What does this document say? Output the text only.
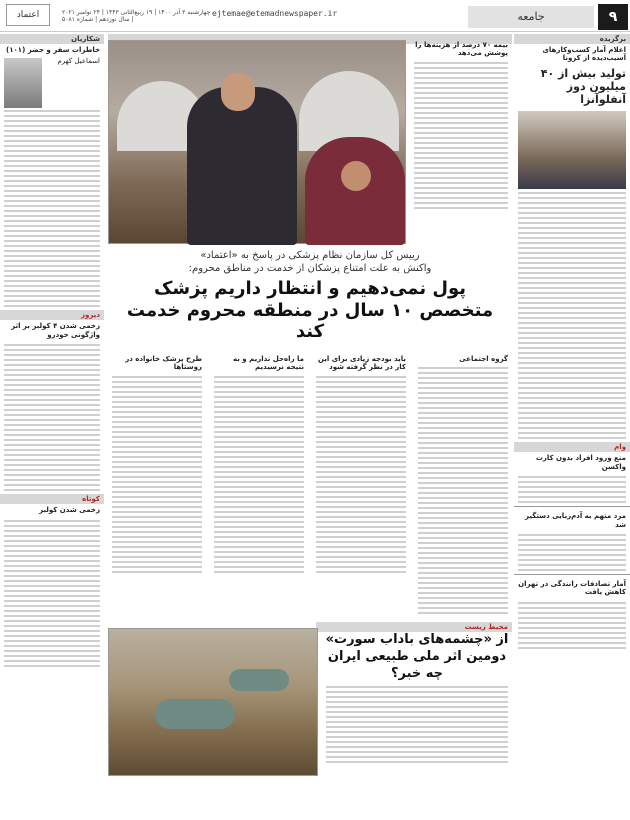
۹
جامعه
ejtemae@etemadnewspaper.ir
چهارشنبه ۳ آذر ۱۴۰۰ | ۱۹ ربیع‌الثانی ۱۴۴۳ | ۲۴ نوامبر ۲۰۲۱ | سال نوزدهم | شماره ۵۰۸۱
اعتماد
برگزیده
اعلام آمار کسب‌وکارهای آسیب‌دیده از کرونا
تولید بیش از ۴۰ میلیون دوز آنفلوآنزا
وام
منع ورود افراد بدون کارت واکسن
مرد متهم به آدم‌ربایی دستگیر شد
آمار تصادفات رانندگی در تهران کاهش یافت

بیمه ۷۰ درصد از هزینه‌ها را پوشش می‌دهد
رییس کل سازمان نظام پزشکی در پاسخ به «اعتماد»
واکنش به علت امتناع پزشکان از خدمت در مناطق محروم:
پول نمی‌دهیم و انتظار داریم پزشک متخصص ۱۰ سال در منطقه محروم خدمت کند
گروه اجتماعی
باید بودجه زیادی برای این کار در نظر گرفته شود
ما راه‌حل نداریم و به نتیجه نرسیدیم
طرح پزشک خانواده در روستاها
محیط زیست
از «چشمه‌های باداب سورت» دومین اثر ملی طبیعی ایران چه خبر؟
شکاریان
خاطرات سفر و حضر (۱۰۱)
اسماعیل کهرم
دیروز
زخمی شدن ۴ کولبر بر اثر واژگونی خودرو
کوتاه
زخمی شدن کولبر
